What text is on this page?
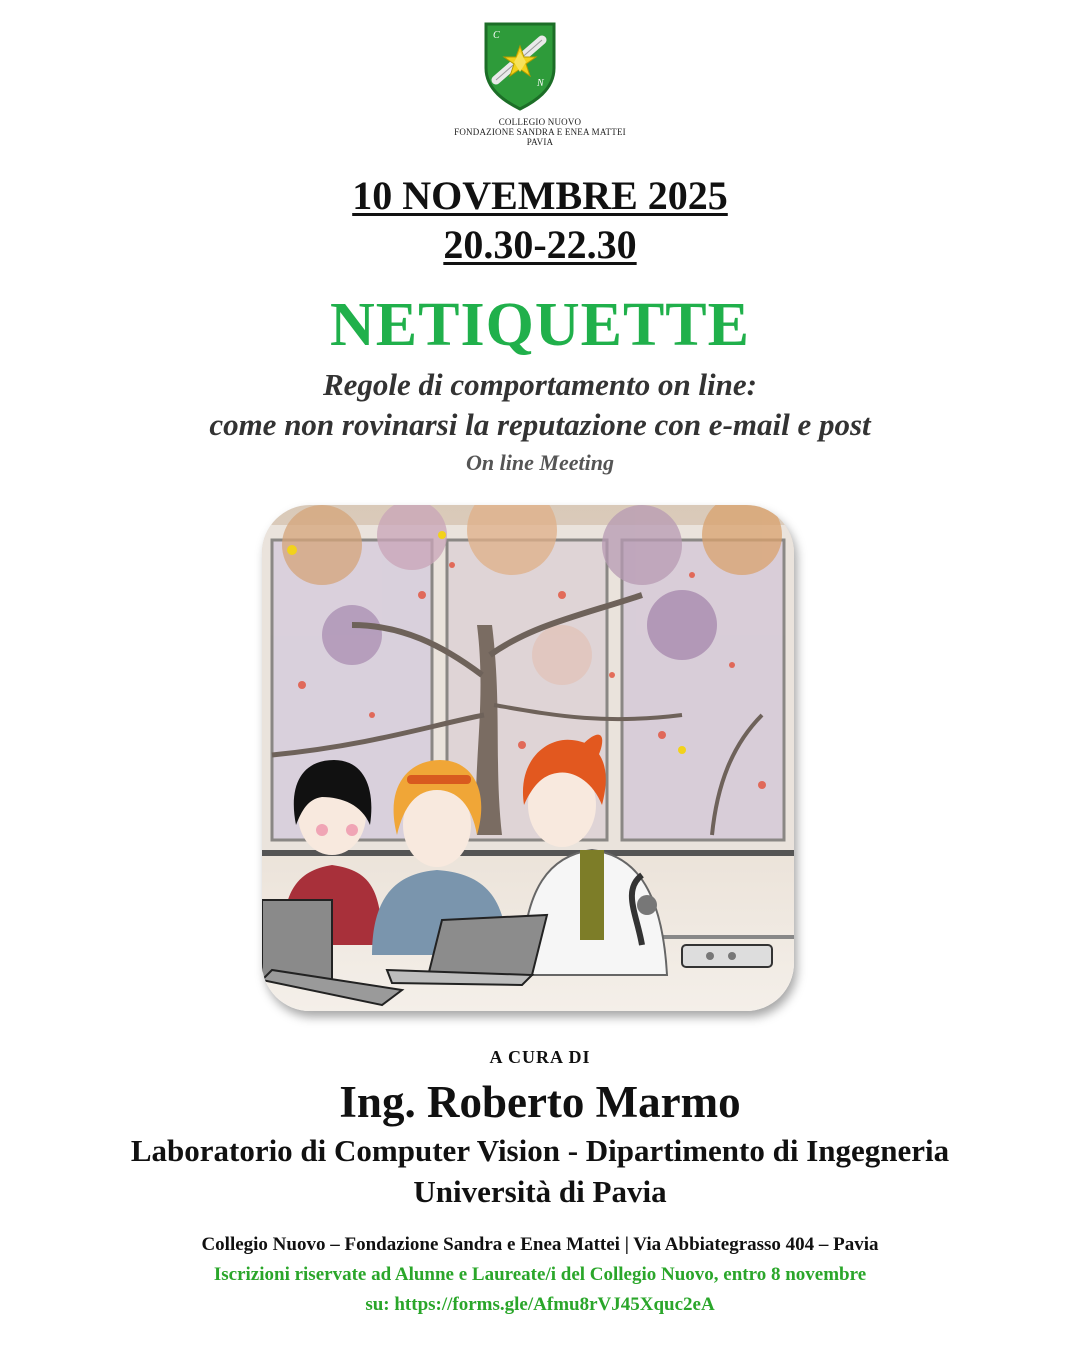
C
N
COLLEGIO NUOVO
FONDAZIONE SANDRA E ENEA MATTEI
PAVIA
10 NOVEMBRE 2025
20.30-22.30
NETIQUETTE
Regole di comportamento on line:
come non rovinarsi la reputazione con e-mail e post
On line Meeting
A CURA DI
Ing. Roberto Marmo
Laboratorio di Computer Vision - Dipartimento di Ingegneria
Università di Pavia
Collegio Nuovo – Fondazione Sandra e Enea Mattei | Via Abbiategrasso 404 – Pavia
Iscrizioni riservate ad Alunne e Laureate/i del Collegio Nuovo, entro 8 novembre
su: https://forms.gle/Afmu8rVJ45Xquc2eA
